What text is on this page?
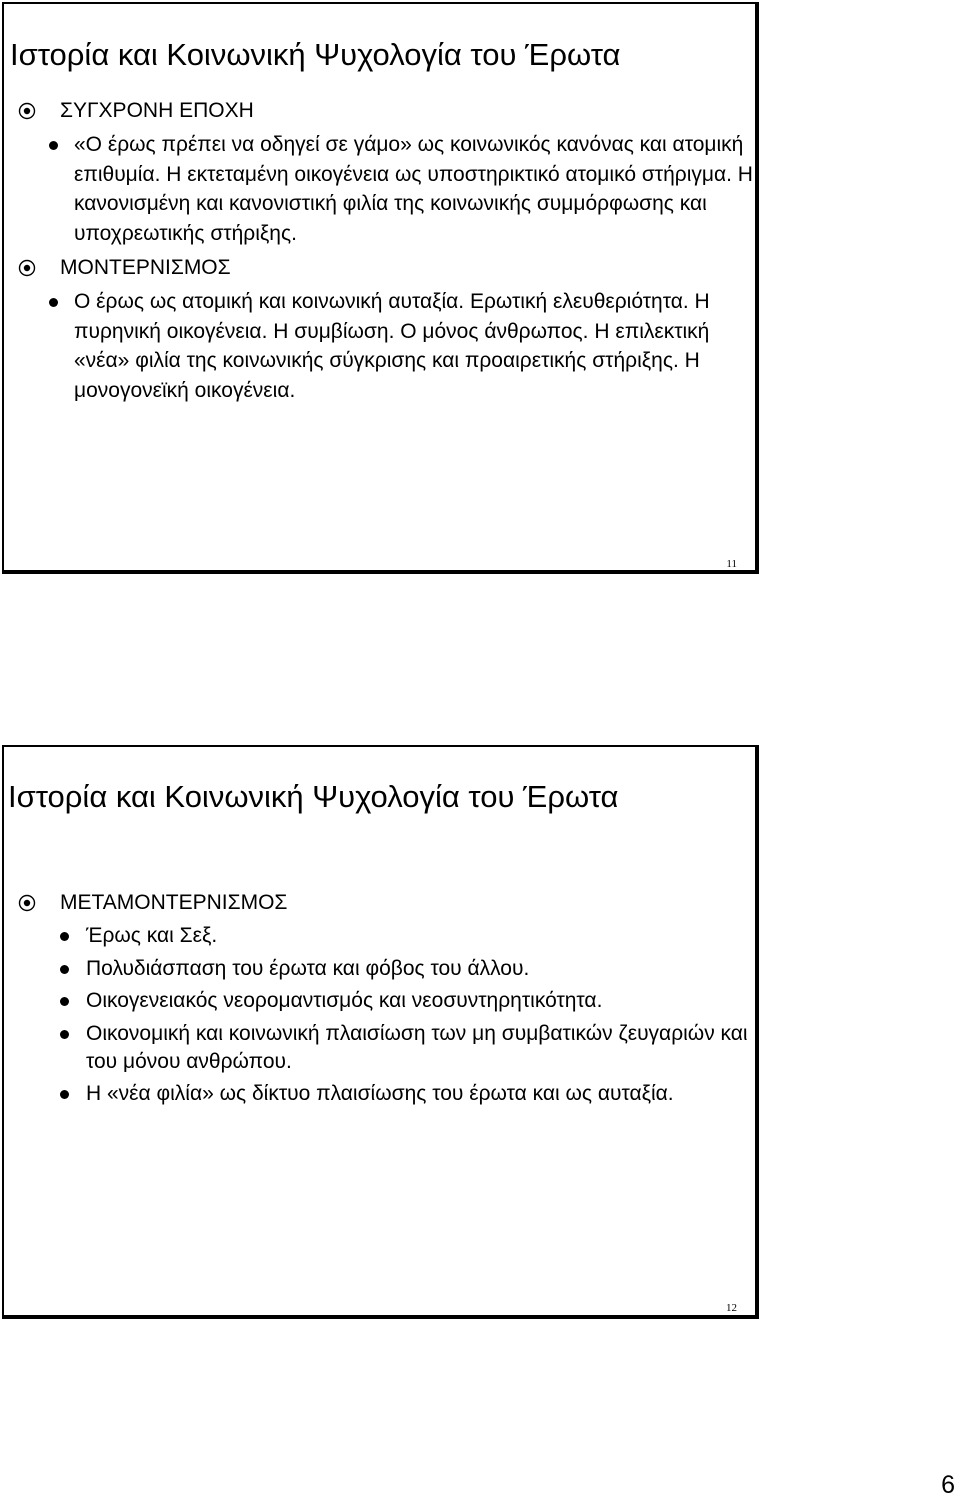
Ιστορία και Κοινωνική Ψυχολογία του Έρωτα
ΣΥΓΧΡΟΝΗ ΕΠΟΧΗ
«Ο έρως πρέπει να οδηγεί σε γάμο» ως κοινωνικός κανόνας και ατομική επιθυμία. Η εκτεταμένη οικογένεια ως υποστηρικτικό ατομικό στήριγμα. Η κανονισμένη και κανονιστική φιλία της κοινωνικής συμμόρφωσης και υποχρεωτικής στήριξης.
ΜΟΝΤΕΡΝΙΣΜΟΣ
Ο έρως ως ατομική και κοινωνική αυταξία. Ερωτική ελευθεριότητα. Η πυρηνική οικογένεια. Η συμβίωση. Ο μόνος άνθρωπος. Η επιλεκτική «νέα» φιλία της κοινωνικής σύγκρισης και προαιρετικής στήριξης. Η μονογονεϊκή οικογένεια.
11
Ιστορία και Κοινωνική Ψυχολογία του Έρωτα
ΜΕΤΑΜΟΝΤΕΡΝΙΣΜΟΣ
Έρως και Σεξ.
Πολυδιάσπαση του έρωτα και φόβος του άλλου.
Οικογενειακός νεορομαντισμός και νεοσυντηρητικότητα.
Οικονομική και κοινωνική πλαισίωση των μη συμβατικών ζευγαριών και του μόνου ανθρώπου.
Η «νέα φιλία» ως δίκτυο πλαισίωσης του έρωτα και ως αυταξία.
12
6
